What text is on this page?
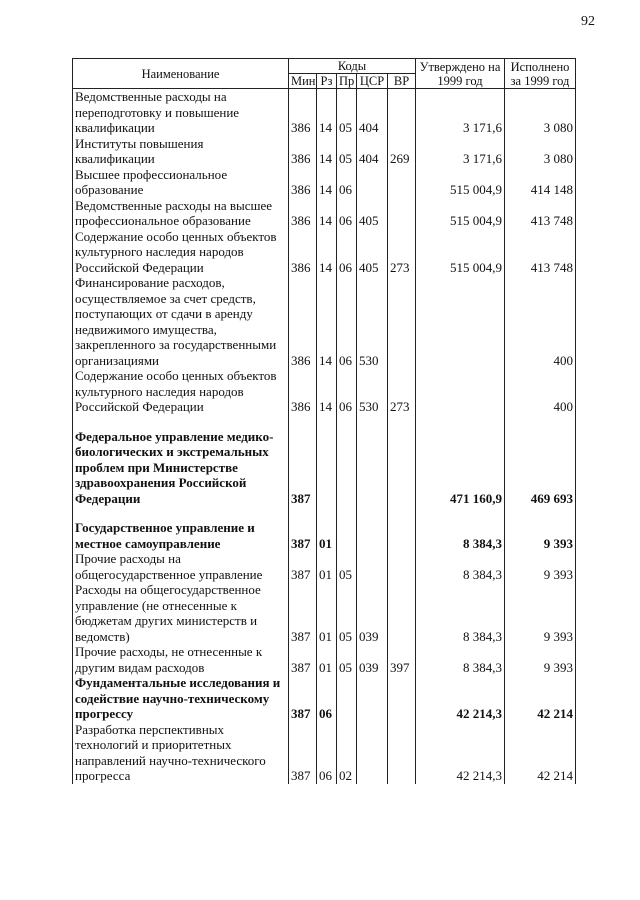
92
Наименование	Коды					Утверждено на 1999 год	Исполнено за 1999 год
	Мин	Рз	Пр	ЦСР	ВР		
Ведомственные расходы на переподготовку и повышение квалификации	386	14	05	404		3 171,6	3 080
Институты повышения квалификации	386	14	05	404	269	3 171,6	3 080
Высшее профессиональное образование	386	14	06			515 004,9	414 148
Ведомственные расходы на высшее профессиональное образование	386	14	06	405		515 004,9	413 748
Содержание особо ценных объектов культурного наследия народов Российской Федерации	386	14	06	405	273	515 004,9	413 748
Финансирование расходов, осуществляемое за счет средств, поступающих от сдачи в аренду недвижимого имущества, закрепленного за государственными организациями	386	14	06	530			400
Содержание особо ценных объектов культурного наследия народов Российской Федерации	386	14	06	530	273		400

Федеральное управление медико-биологических и экстремальных проблем при Министерстве здравоохранения Российской Федерации	387					471 160,9	469 693

Государственное управление и местное самоуправление	387	01				8 384,3	9 393
Прочие расходы на общегосударственное управление	387	01	05			8 384,3	9 393
Расходы на общегосударственное управление (не отнесенные к бюджетам других министерств и ведомств)	387	01	05	039		8 384,3	9 393
Прочие расходы, не отнесенные к другим видам расходов	387	01	05	039	397	8 384,3	9 393
Фундаментальные исследования и содействие научно-техническому прогрессу	387	06				42 214,3	42 214
Разработка перспективных технологий и приоритетных направлений научно-технического прогресса	387	06	02			42 214,3	42 214
